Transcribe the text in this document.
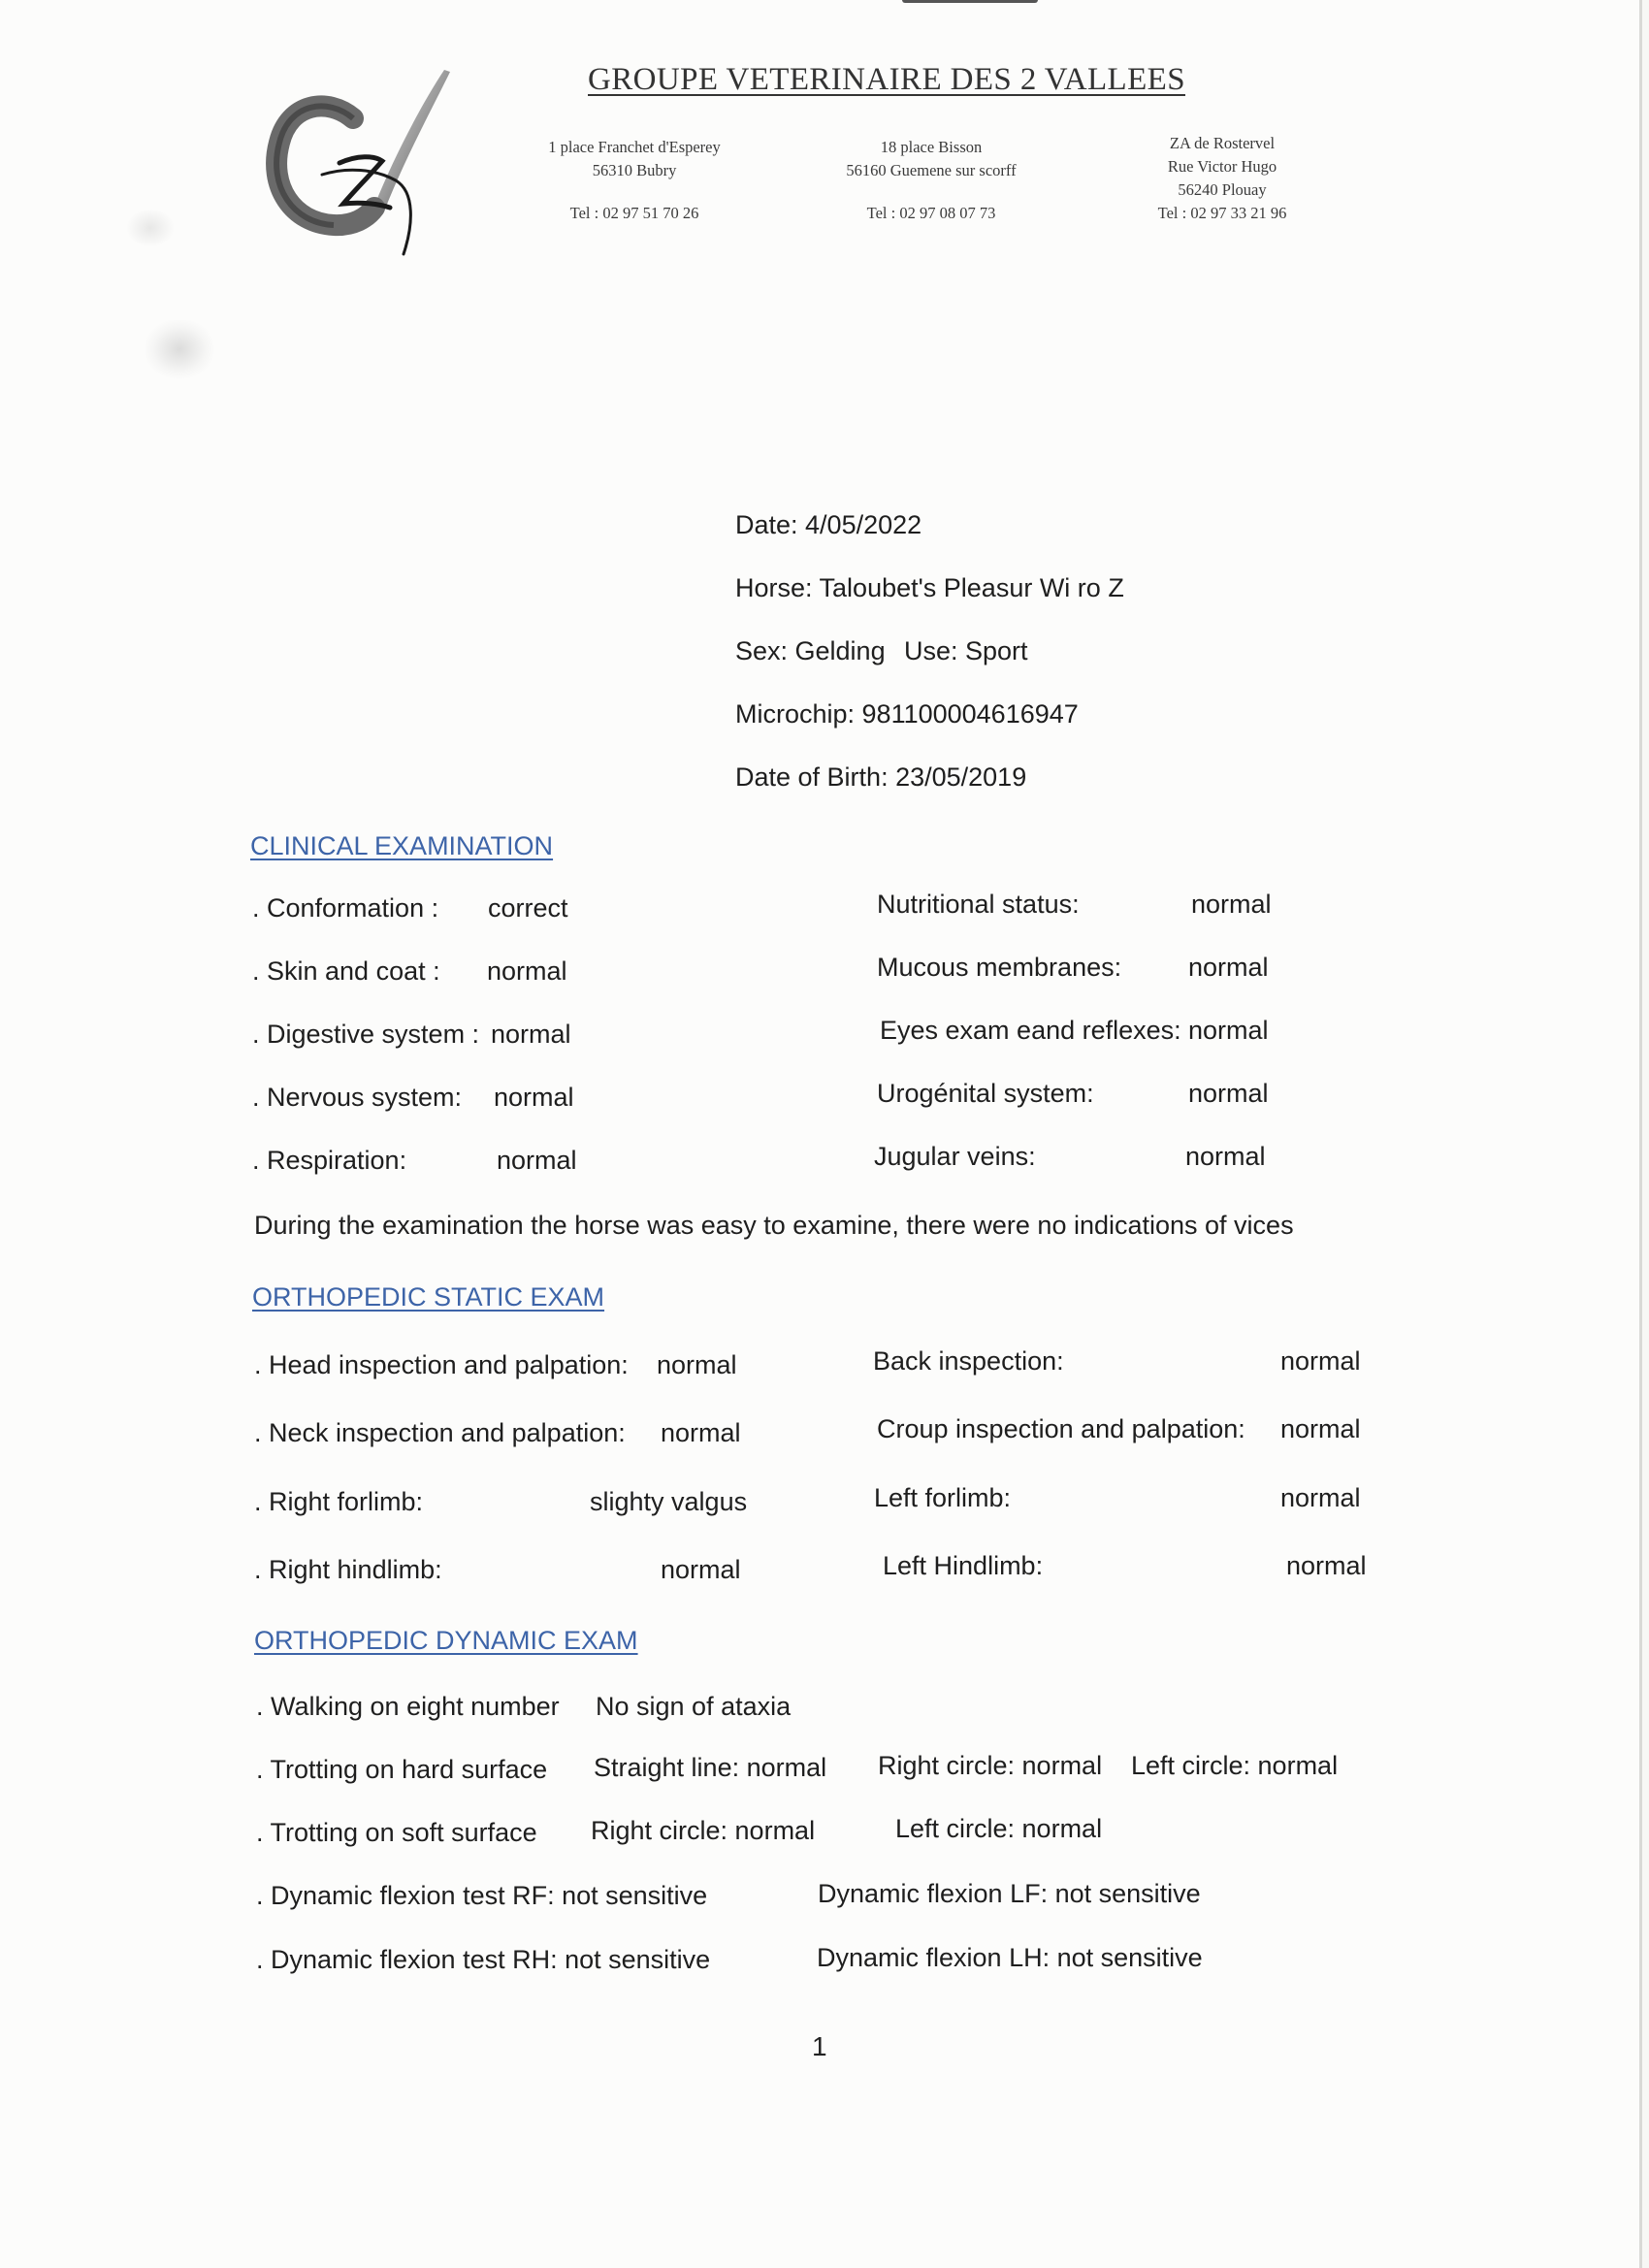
GROUPE VETERINAIRE DES 2 VALLEES
1 place Franchet d'Esperey
56310 Bubry
Tel : 02 97 51 70 26
18 place Bisson
56160 Guemene sur scorff
Tel : 02 97 08 07 73
ZA de Rostervel
Rue Victor Hugo
56240 Plouay
Tel : 02 97 33 21 96
Date: 4/05/2022
Horse: Taloubet's Pleasur Wi ro Z
Sex: Gelding Use: Sport
Microchip: 981100004616947
Date of Birth: 23/05/2019
CLINICAL EXAMINATION
. Conformation : correct
. Skin and coat : normal
. Digestive system : normal
. Nervous system: normal
. Respiration:	normal
Nutritional status:	normal
Mucous membranes:	normal
Eyes exam eand reflexes: normal
Urogénital system:	normal
Jugular veins:	normal
During the examination the horse was easy to examine, there were no indications of vices
ORTHOPEDIC STATIC EXAM
. Head inspection and palpation: normal
. Neck inspection and palpation: normal
. Right forlimb:	slighty valgus
. Right hindlimb:	normal
Back inspection:	normal
Croup inspection and palpation: normal
Left forlimb:	normal
Left Hindlimb:	normal
ORTHOPEDIC DYNAMIC EXAM
. Walking on eight number No sign of ataxia
. Trotting on hard surface Straight line: normal Right circle: normal Left circle: normal
. Trotting on soft surface Right circle: normal	Left circle: normal
. Dynamic flexion test RF: not sensitive	Dynamic flexion LF: not sensitive
. Dynamic flexion test RH: not sensitive	Dynamic flexion LH: not sensitive
1
